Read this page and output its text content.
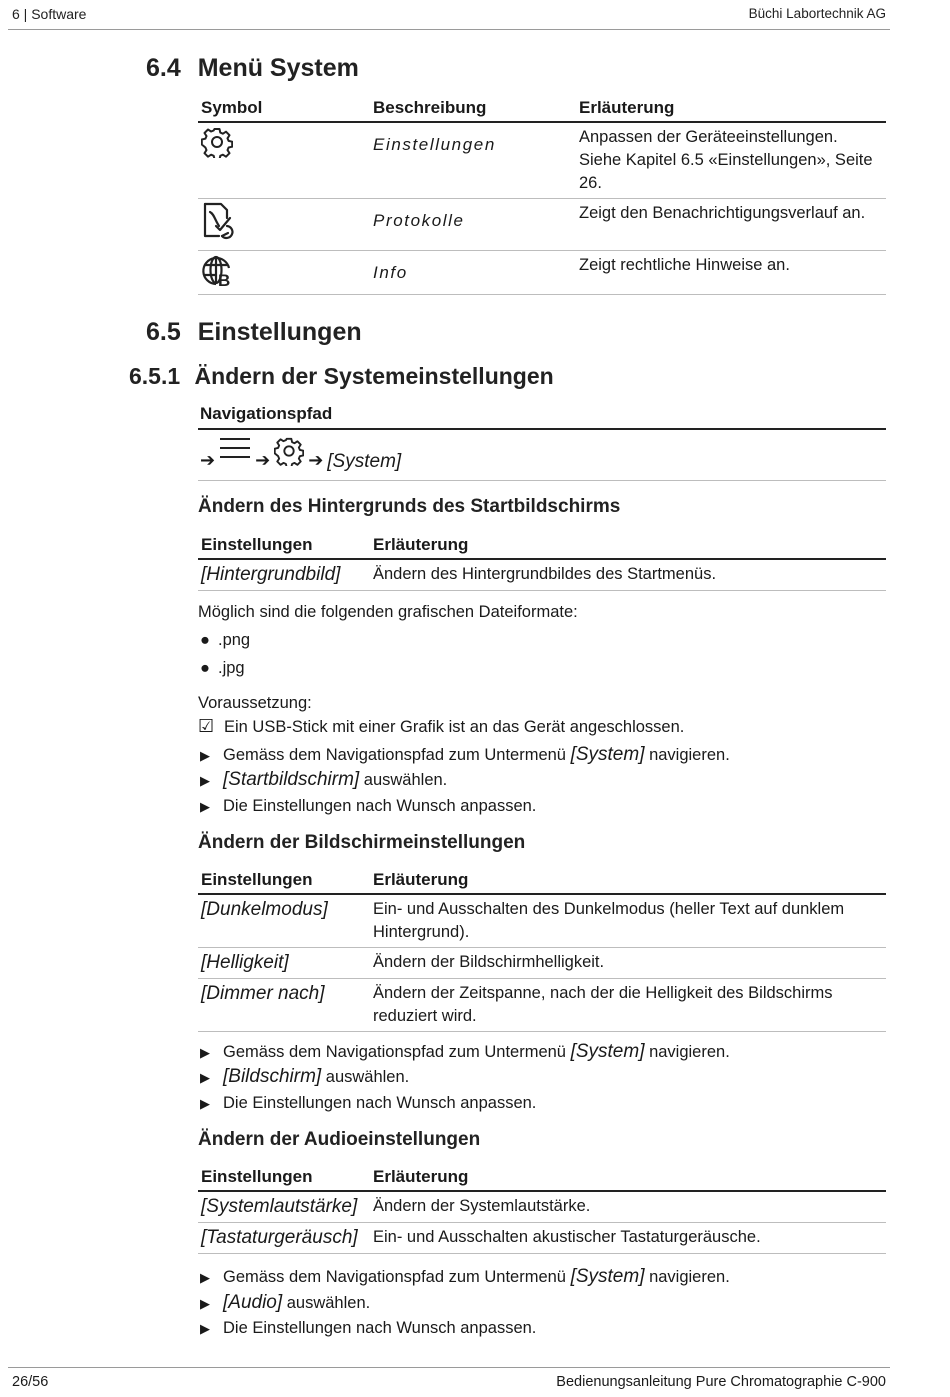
6 | Software	Büchi Labortechnik AG
6.4 Menü System
Symbol	Beschreibung	Erläuterung

	Einstellungen	Anpassen der Geräteeinstellungen.
Siehe Kapitel 6.5 «Einstellungen», Seite 26.

	Protokolle	Zeigt den Benachrichtigungsverlauf an.

B	Info	Zeigt rechtliche Hinweise an.
6.5 Einstellungen
6.5.1 Ändern der Systemeinstellungen
Navigationspfad
➔ ➔ ➔ [System]
Ändern des Hintergrunds des Startbildschirms
Einstellungen	Erläuterung
[Hintergrundbild]	Ändern des Hintergrundbildes des Startmenüs.
Möglich sind die folgenden grafischen Dateiformate:
● .png
● .jpg
Voraussetzung:
☑ Ein USB-Stick mit einer Grafik ist an das Gerät angeschlossen.
▶ Gemäss dem Navigationspfad zum Untermenü [System] navigieren.
▶ [Startbildschirm] auswählen.
▶ Die Einstellungen nach Wunsch anpassen.
Ändern der Bildschirmeinstellungen
Einstellungen	Erläuterung
[Dunkelmodus]	Ein- und Ausschalten des Dunkelmodus (heller Text auf dunklem Hintergrund).
[Helligkeit]	Ändern der Bildschirmhelligkeit.
[Dimmer nach]	Ändern der Zeitspanne, nach der die Helligkeit des Bildschirms reduziert wird.
▶ Gemäss dem Navigationspfad zum Untermenü [System] navigieren.
▶ [Bildschirm] auswählen.
▶ Die Einstellungen nach Wunsch anpassen.
Ändern der Audioeinstellungen
Einstellungen	Erläuterung
[Systemlautstärke]	Ändern der Systemlautstärke.
[Tastaturgeräusch]	Ein- und Ausschalten akustischer Tastaturgeräusche.
▶ Gemäss dem Navigationspfad zum Untermenü [System] navigieren.
▶ [Audio] auswählen.
▶ Die Einstellungen nach Wunsch anpassen.
26/56	Bedienungsanleitung Pure Chromatographie C-900
